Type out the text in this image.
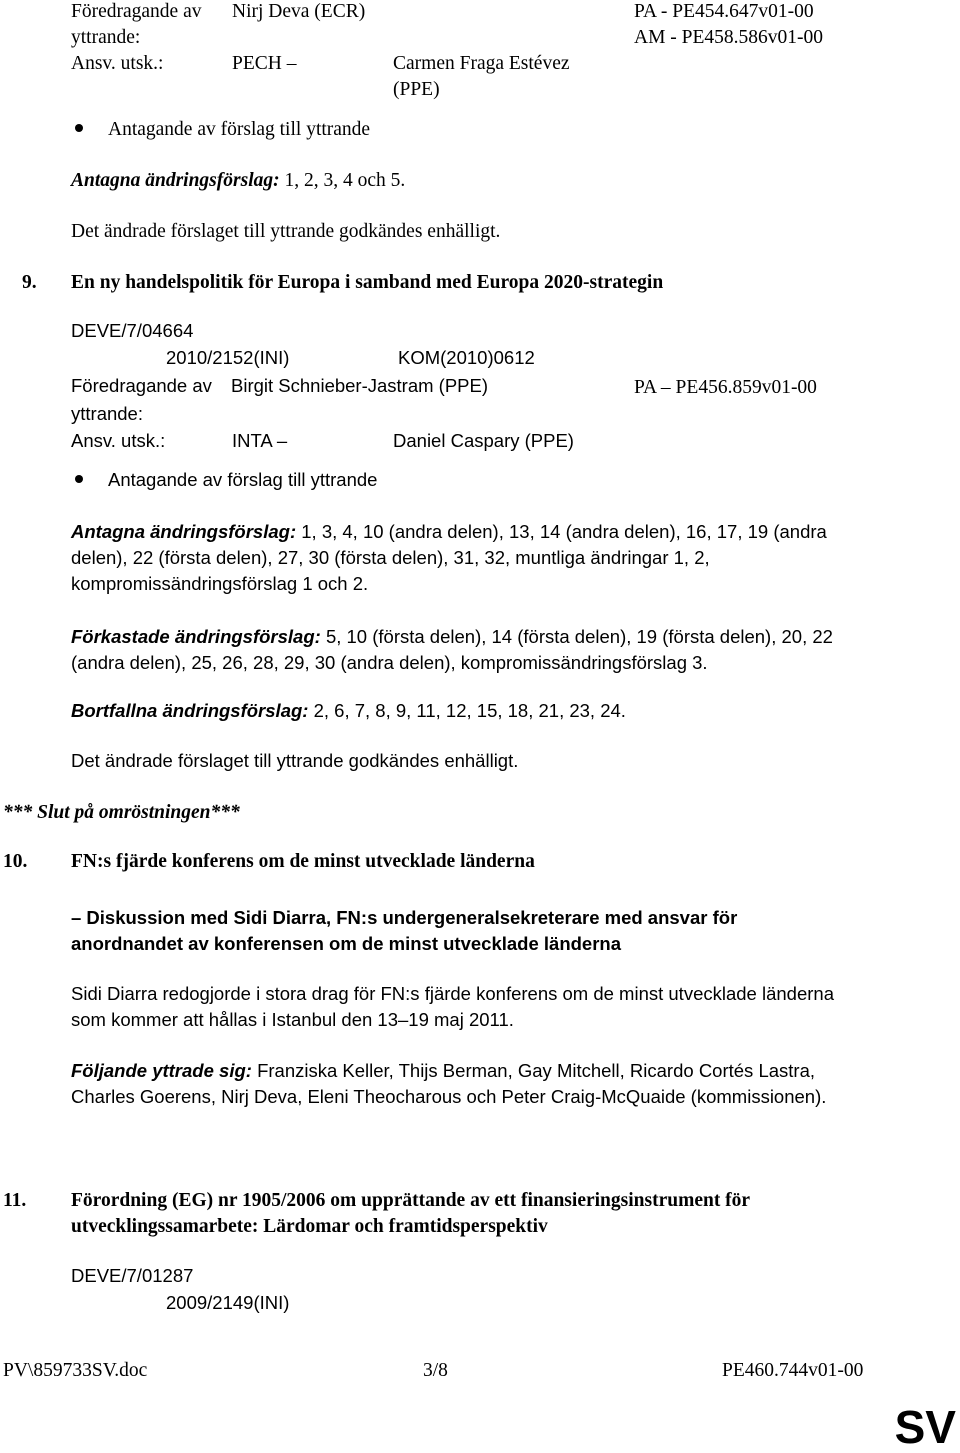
Föredragande av Nirj Deva (ECR)	PA - PE454.647v01-00
yttrande:	AM - PE458.586v01-00
Ansv. utsk.:	PECH –	Carmen Fraga Estévez
(PPE)
Antagande av förslag till yttrande
Antagna ändringsförslag: 1, 2, 3, 4 och 5.
Det ändrade förslaget till yttrande godkändes enhälligt.
9. En ny handelspolitik för Europa i samband med Europa 2020-strategin
DEVE/7/04664
2010/2152(INI)	KOM(2010)0612
Föredragande av Birgit Schnieber-Jastram (PPE)	PA – PE456.859v01-00
yttrande:
Ansv. utsk.:	INTA –	Daniel Caspary (PPE)
Antagande av förslag till yttrande
Antagna ändringsförslag: 1, 3, 4, 10 (andra delen), 13, 14 (andra delen), 16, 17, 19 (andra delen), 22 (första delen), 27, 30 (första delen), 31, 32, muntliga ändringar 1, 2, kompromissändringsförslag 1 och 2.
Förkastade ändringsförslag: 5, 10 (första delen), 14 (första delen), 19 (första delen), 20, 22 (andra delen), 25, 26, 28, 29, 30 (andra delen), kompromissändringsförslag 3.
Bortfallna ändringsförslag: 2, 6, 7, 8, 9, 11, 12, 15, 18, 21, 23, 24.
Det ändrade förslaget till yttrande godkändes enhälligt.
*** Slut på omröstningen***
10. FN:s fjärde konferens om de minst utvecklade länderna
– Diskussion med Sidi Diarra, FN:s undergeneralsekreterare med ansvar för anordnandet av konferensen om de minst utvecklade länderna
Sidi Diarra redogjorde i stora drag för FN:s fjärde konferens om de minst utvecklade länderna som kommer att hållas i Istanbul den 13–19 maj 2011.
Följande yttrade sig: Franziska Keller, Thijs Berman, Gay Mitchell, Ricardo Cortés Lastra, Charles Goerens, Nirj Deva, Eleni Theocharous och Peter Craig-McQuaide (kommissionen).
11. Förordning (EG) nr 1905/2006 om upprättande av ett finansieringsinstrument för utvecklingssamarbete: Lärdomar och framtidsperspektiv
DEVE/7/01287
2009/2149(INI)
PV\859733SV.doc	3/8	PE460.744v01-00
SV
